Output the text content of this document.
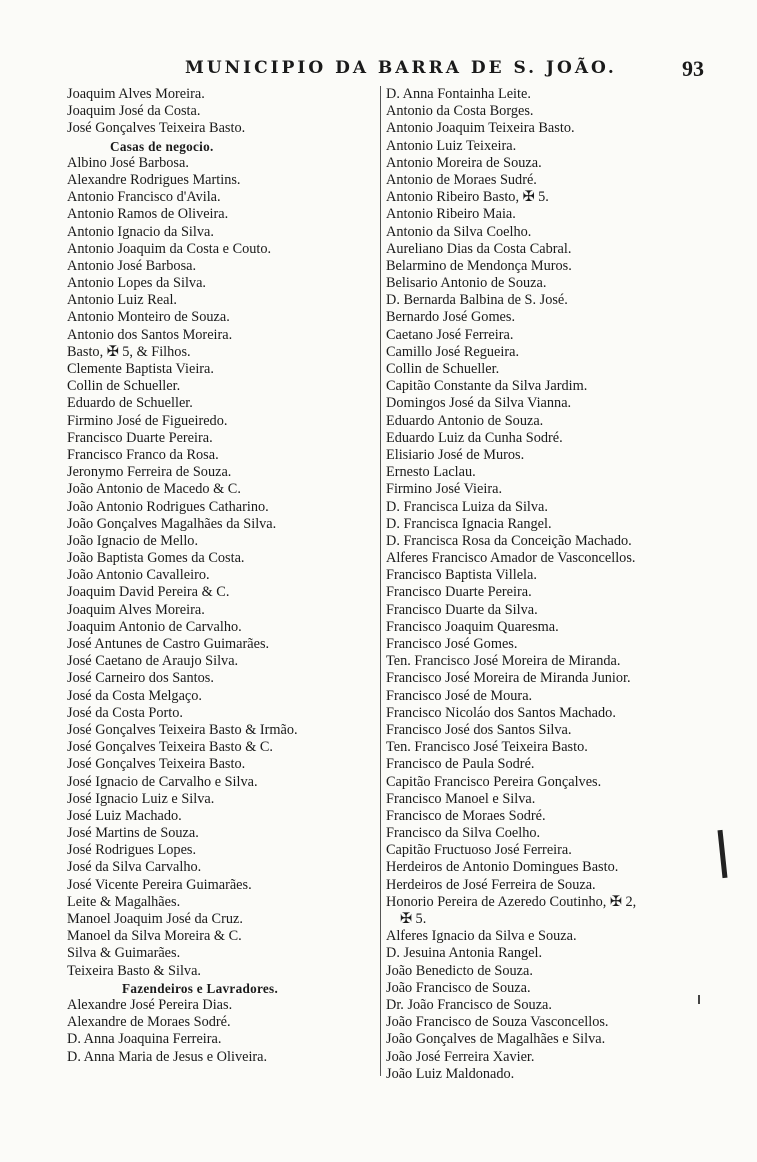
MUNICIPIO DA BARRA DE S. JOÃO.	93
Joaquim Alves Moreira.
Joaquim José da Costa.
José Gonçalves Teixeira Basto.
Casas de negocio.
Albino José Barbosa.
Alexandre Rodrigues Martins.
Antonio Francisco d'Avila.
Antonio Ramos de Oliveira.
Antonio Ignacio da Silva.
Antonio Joaquim da Costa e Couto.
Antonio José Barbosa.
Antonio Lopes da Silva.
Antonio Luiz Real.
Antonio Monteiro de Souza.
Antonio dos Santos Moreira.
Basto, ✠ 5, & Filhos.
Clemente Baptista Vieira.
Collin de Schueller.
Eduardo de Schueller.
Firmino José de Figueiredo.
Francisco Duarte Pereira.
Francisco Franco da Rosa.
Jeronymo Ferreira de Souza.
João Antonio de Macedo & C.
João Antonio Rodrigues Catharino.
João Gonçalves Magalhães da Silva.
João Ignacio de Mello.
João Baptista Gomes da Costa.
João Antonio Cavalleiro.
Joaquim David Pereira & C.
Joaquim Alves Moreira.
Joaquim Antonio de Carvalho.
José Antunes de Castro Guimarães.
José Caetano de Araujo Silva.
José Carneiro dos Santos.
José da Costa Melgaço.
José da Costa Porto.
José Gonçalves Teixeira Basto & Irmão.
José Gonçalves Teixeira Basto & C.
José Gonçalves Teixeira Basto.
José Ignacio de Carvalho e Silva.
José Ignacio Luiz e Silva.
José Luiz Machado.
José Martins de Souza.
José Rodrigues Lopes.
José da Silva Carvalho.
José Vicente Pereira Guimarães.
Leite & Magalhães.
Manoel Joaquim José da Cruz.
Manoel da Silva Moreira & C.
Silva & Guimarães.
Teixeira Basto & Silva.
Fazendeiros e Lavradores.
Alexandre José Pereira Dias.
Alexandre de Moraes Sodré.
D. Anna Joaquina Ferreira.
D. Anna Maria de Jesus e Oliveira.
D. Anna Fontainha Leite.
Antonio da Costa Borges.
Antonio Joaquim Teixeira Basto.
Antonio Luiz Teixeira.
Antonio Moreira de Souza.
Antonio de Moraes Sudré.
Antonio Ribeiro Basto, ✠ 5.
Antonio Ribeiro Maia.
Antonio da Silva Coelho.
Aureliano Dias da Costa Cabral.
Belarmino de Mendonça Muros.
Belisario Antonio de Souza.
D. Bernarda Balbina de S. José.
Bernardo José Gomes.
Caetano José Ferreira.
Camillo José Regueira.
Collin de Schueller.
Capitão Constante da Silva Jardim.
Domingos José da Silva Vianna.
Eduardo Antonio de Souza.
Eduardo Luiz da Cunha Sodré.
Elisiario José de Muros.
Ernesto Laclau.
Firmino José Vieira.
D. Francisca Luiza da Silva.
D. Francisca Ignacia Rangel.
D. Francisca Rosa da Conceição Machado.
Alferes Francisco Amador de Vasconcellos.
Francisco Baptista Villela.
Francisco Duarte Pereira.
Francisco Duarte da Silva.
Francisco Joaquim Quaresma.
Francisco José Gomes.
Ten. Francisco José Moreira de Miranda.
Francisco José Moreira de Miranda Junior.
Francisco José de Moura.
Francisco Nicoláo dos Santos Machado.
Francisco José dos Santos Silva.
Ten. Francisco José Teixeira Basto.
Francisco de Paula Sodré.
Capitão Francisco Pereira Gonçalves.
Francisco Manoel e Silva.
Francisco de Moraes Sodré.
Francisco da Silva Coelho.
Capitão Fructuoso José Ferreira.
Herdeiros de Antonio Domingues Basto.
Herdeiros de José Ferreira de Souza.
Honorio Pereira de Azeredo Coutinho, ✠ 2,
✠ 5.
Alferes Ignacio da Silva e Souza.
D. Jesuina Antonia Rangel.
João Benedicto de Souza.
João Francisco de Souza.
Dr. João Francisco de Souza.
João Francisco de Souza Vasconcellos.
João Gonçalves de Magalhães e Silva.
João José Ferreira Xavier.
João Luiz Maldonado.
